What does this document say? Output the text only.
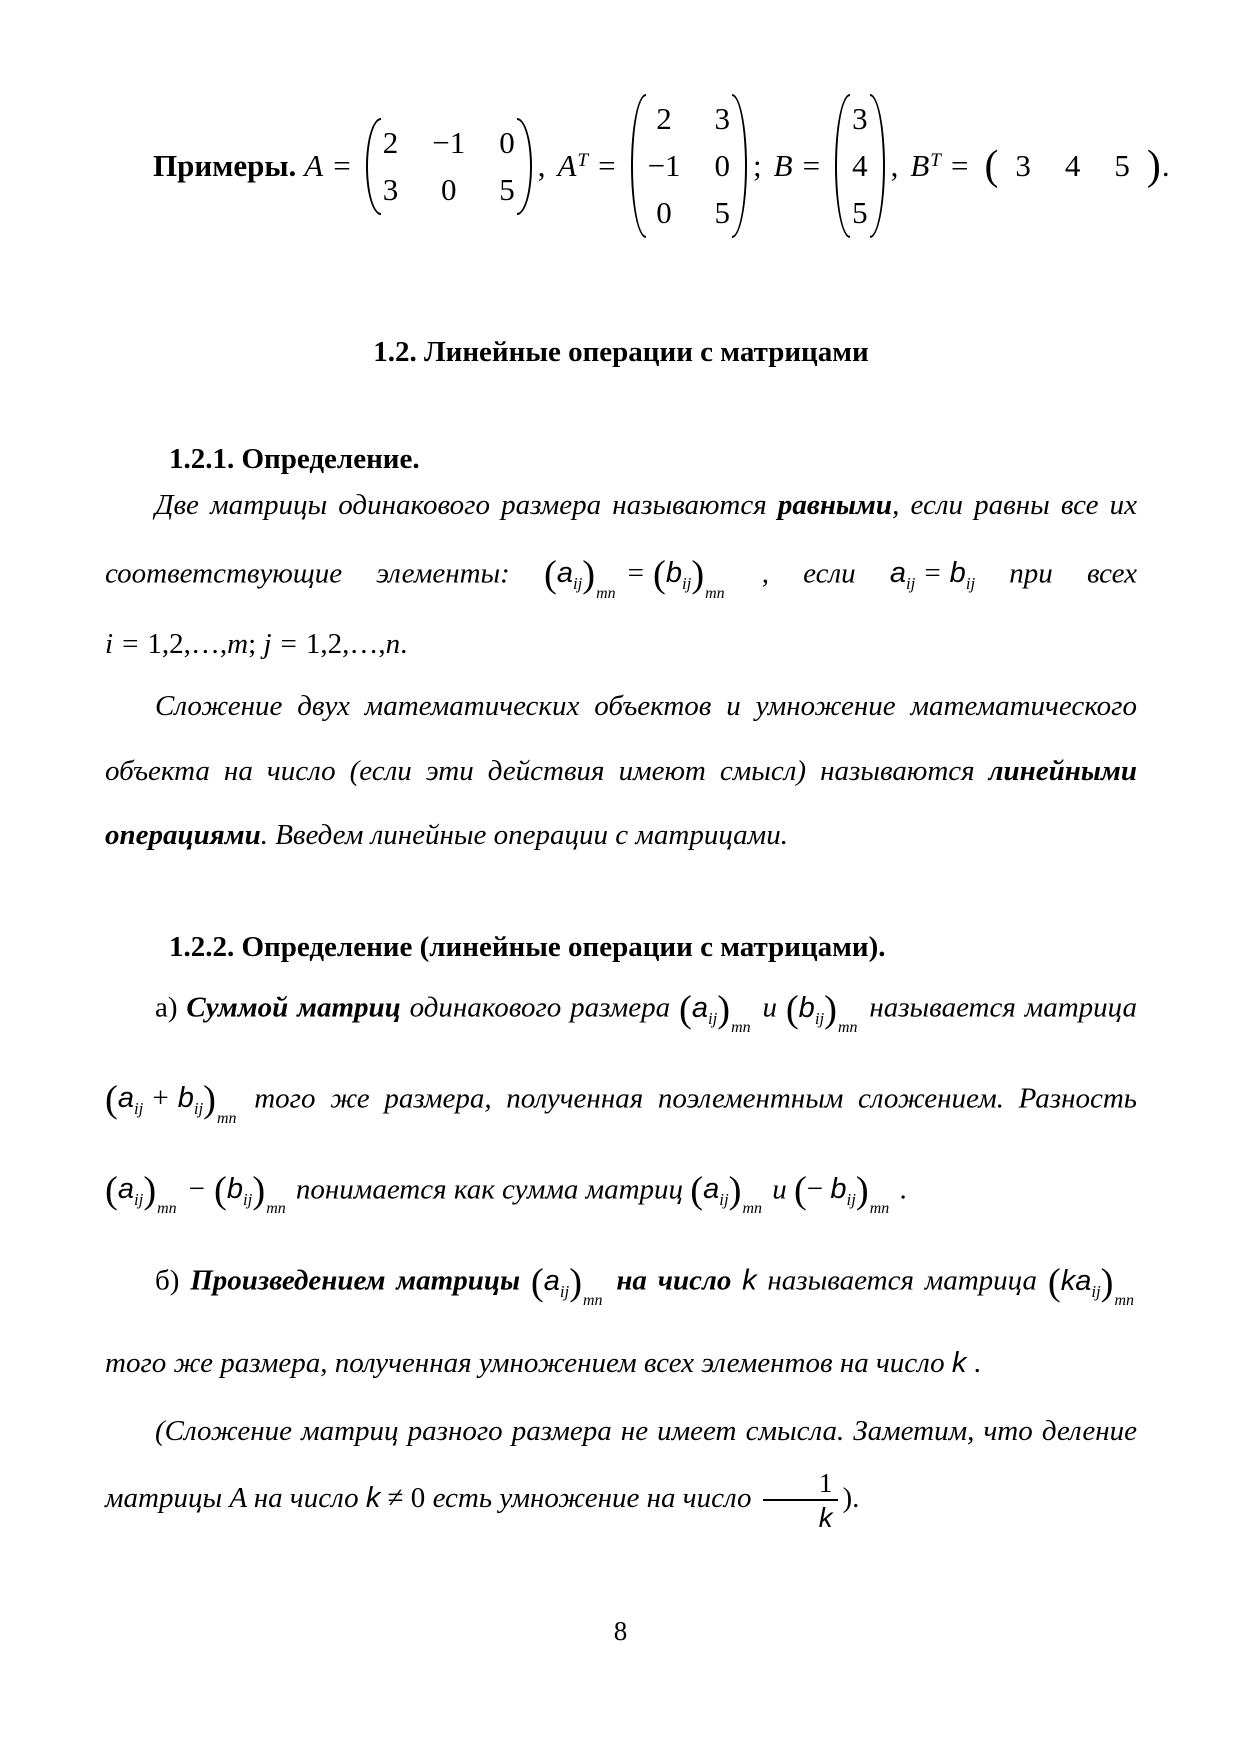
Примеры. A =
2 −1 0
3 0 5
, $A^T$ =
2 3
−1 0
0 5
; B =
3
4
5
, $B^T$ = ( 3 4 5 ) .
1.2. Линейные операции с матрицами
1.2.1. Определение.

Две матрицы одинакового размера называются равными, если равны все их соответствующие элементы: $(a_{ij})_{mn}= (b_{ij})_{mn}$ , если $a_{ij} = b_{ij}$ при всех i = 1,2,…,m; j = 1,2,…,n.

Сложение двух математических объектов и умножение математического объекта на число (если эти действия имеют смысл) называются линейными операциями. Введем линейные операции с матрицами.

1.2.2. Определение (линейные операции с матрицами).

а) Суммой матриц одинакового размера $(a_{ij})_{mn}$ и $(b_{ij})_{mn}$ называется матрица $(a_{ij} + b_{ij})_{mn}$ того же размера, полученная поэлементным сложением. Разность $(a_{ij})_{mn}- (b_{ij})_{mn}$ понимается как сумма матриц $(a_{ij})_{mn}$ и (− $b_{ij})_{mn}$ .

б) Произведением матрицы $(a_{ij})_{mn}$ на число k называется матрица $(ka_{ij})_{mn}$ того же размера, полученная умножением всех элементов на число k .

(Сложение матриц разного размера не имеет смысла. Заметим, что деление матрицы A на число k ≠ 0 есть умножение на число $\frac{1}{k}$ ).

8
